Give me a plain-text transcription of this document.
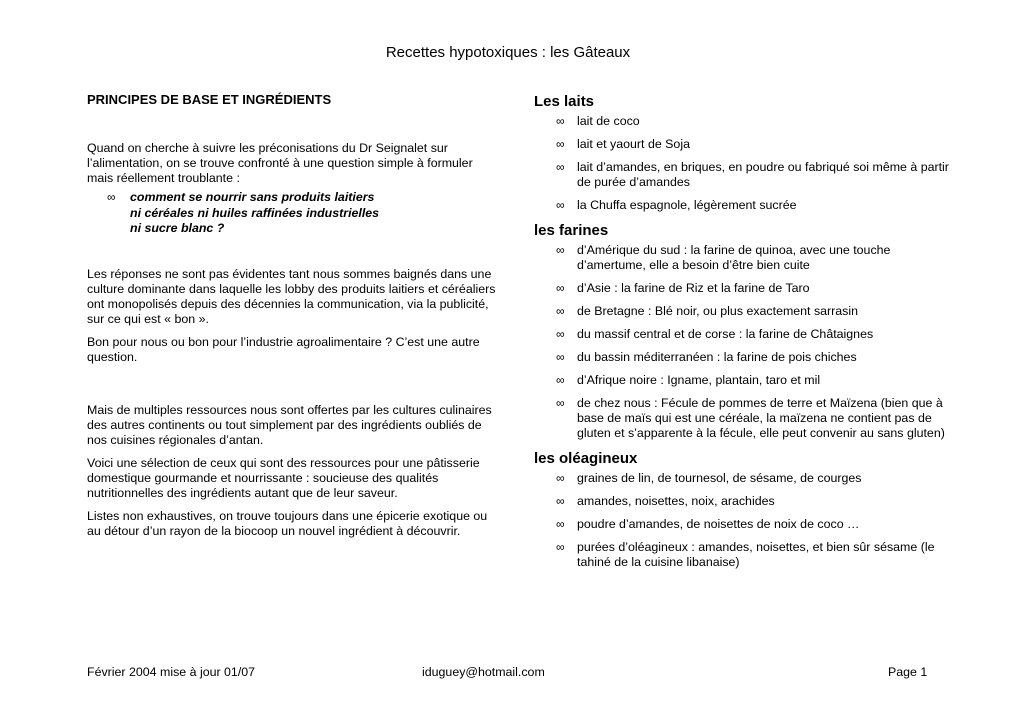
Recettes hypotoxiques : les Gâteaux
PRINCIPES DE BASE ET INGRÉDIENTS

Quand on cherche à suivre les préconisations du Dr Seignalet sur l’alimentation, on se trouve confronté à une question simple à formuler mais réellement troublante :

∞	comment se nourrir sans produits laitiers
ni céréales ni huiles raffinées industrielles
ni sucre blanc ?

Les réponses ne sont pas évidentes tant nous sommes baignés dans une culture dominante dans laquelle les lobby des produits laitiers et céréaliers ont monopolisés depuis des décennies la communication, via la publicité, sur ce qui est « bon ».

Bon pour nous ou bon pour l’industrie agroalimentaire ? C’est une autre question.

Mais de multiples ressources nous sont offertes par les cultures culinaires des autres continents ou tout simplement par des ingrédients oubliés de nos cuisines régionales d’antan.

Voici une sélection de ceux qui sont des ressources pour une pâtisserie domestique gourmande et nourrissante : soucieuse des qualités nutritionnelles des ingrédients autant que de leur saveur.

Listes non exhaustives, on trouve toujours dans une épicerie exotique ou au détour d’un rayon de la biocoop un nouvel ingrédient à découvrir.

Les laits
∞	lait de coco
∞	lait et yaourt de Soja
∞	lait d’amandes, en briques, en poudre ou fabriqué soi même à partir de purée d’amandes
∞	la Chuffa espagnole, légèrement sucrée
les farines
∞	d’Amérique du sud : la farine de quinoa, avec une touche d’amertume, elle a besoin d’être bien cuite
∞	d’Asie : la farine de Riz et la farine de Taro
∞	de Bretagne : Blé noir, ou plus exactement sarrasin
∞	du massif central et de corse : la farine de Châtaignes
∞	du bassin méditerranéen : la farine de pois chiches
∞	d’Afrique noire : Igname, plantain, taro et mil
∞	de chez nous : Fécule de pommes de terre et Maïzena (bien que à base de maïs qui est une céréale, la maïzena ne contient pas de gluten et s’apparente à la fécule, elle peut convenir au sans gluten)
les oléagineux
∞	graines de lin, de tournesol, de sésame, de courges
∞	amandes, noisettes, noix, arachides
∞	poudre d’amandes, de noisettes de noix de coco …
∞	purées d’oléagineux : amandes, noisettes, et bien sûr sésame (le tahiné de la cuisine libanaise)
Février 2004 mise à jour 01/07	iduguey@hotmail.com	Page 1
